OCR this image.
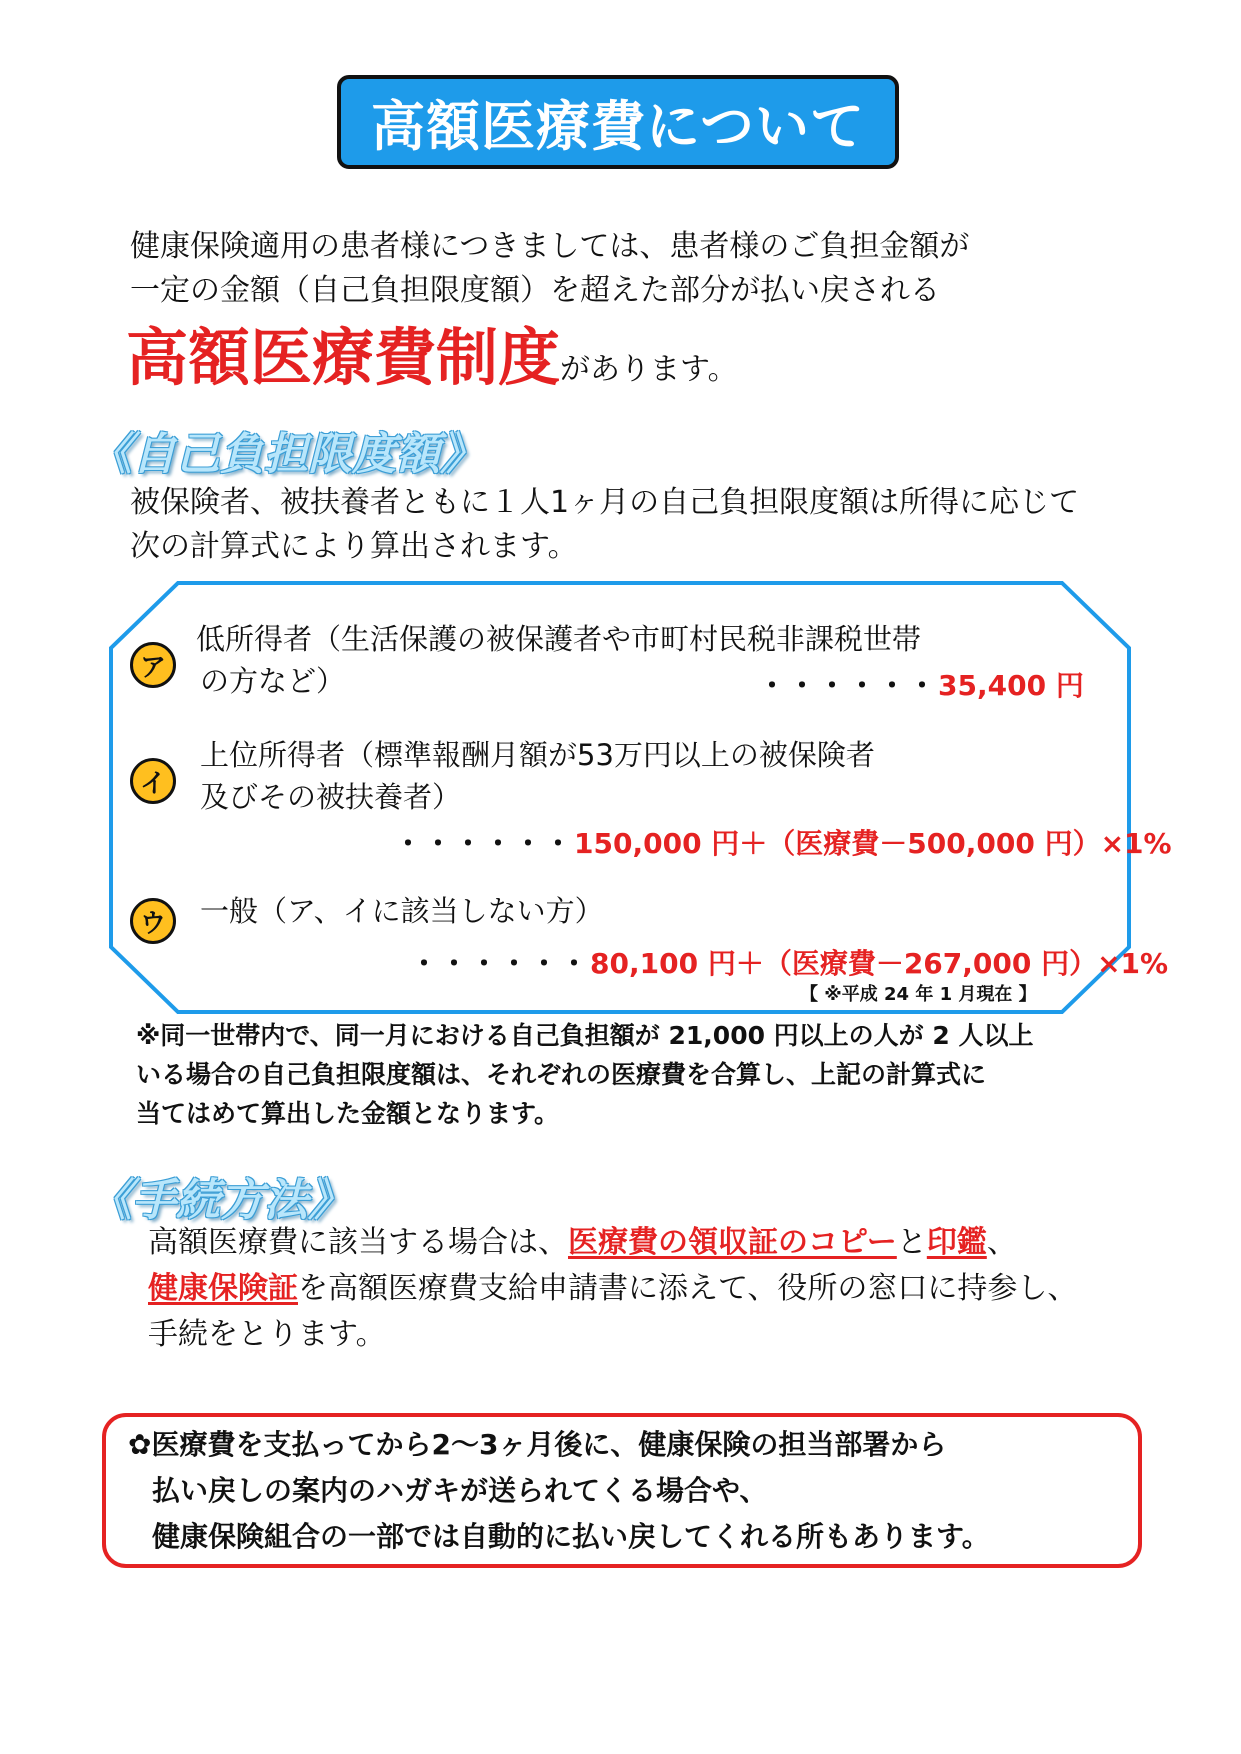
高額医療費について
健康保険適用の患者様につきましては、患者様のご負担金額が
一定の金額（自己負担限度額）を超えた部分が払い戻される
高額医療費制度があります。
《自己負担限度額》
被保険者、被扶養者ともに１人1ヶ月の自己負担限度額は所得に応じて
次の計算式により算出されます。
ア
低所得者（生活保護の被保護者や市町村民税非課税世帯
の方など）	・・・・・・35,400 円
イ
上位所得者（標準報酬月額が53万円以上の被保険者
及びその被扶養者）
・・・・・・150,000 円＋（医療費－500,000 円）×1%
ウ	一般（ア、イに該当しない方）
・・・・・・80,100 円＋（医療費－267,000 円）×1%
【 ※平成 24 年 1 月現在 】
※同一世帯内で、同一月における自己負担額が 21,000 円以上の人が 2 人以上
いる場合の自己負担限度額は、それぞれの医療費を合算し、上記の計算式に
当てはめて算出した金額となります。
《手続方法》
高額医療費に該当する場合は、医療費の領収証のコピーと印鑑、
健康保険証を高額医療費支給申請書に添えて、役所の窓口に持参し、
手続をとります。
✿医療費を支払ってから2～3ヶ月後に、健康保険の担当部署から
払い戻しの案内のハガキが送られてくる場合や、
健康保険組合の一部では自動的に払い戻してくれる所もあります。
